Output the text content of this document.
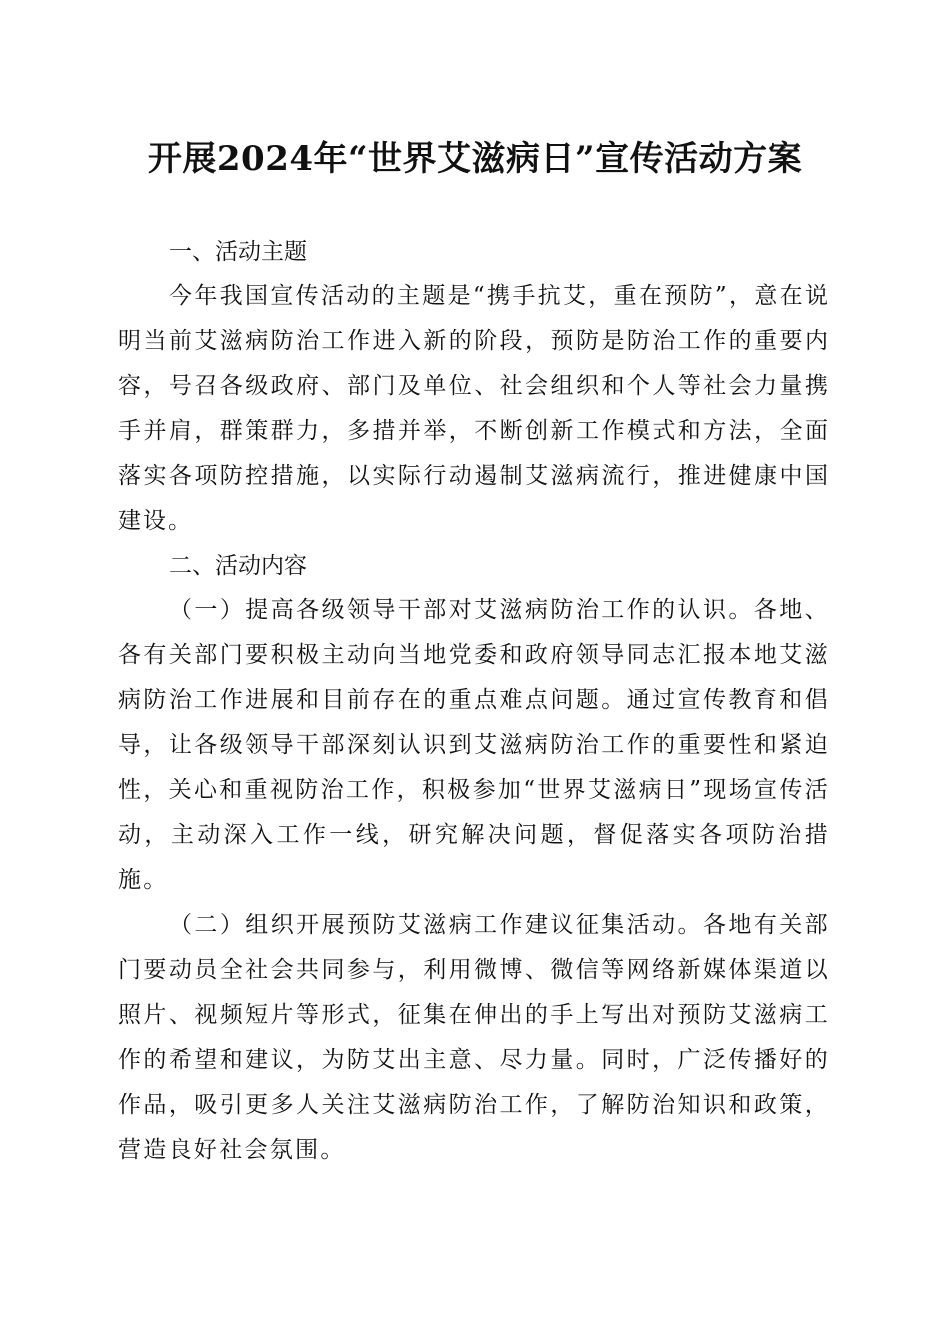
开展2024年“世界艾滋病日”宣传活动方案
一、活动主题

今年我国宣传活动的主题是“携手抗艾，重在预防”，意在说明当前艾滋病防治工作进入新的阶段，预防是防治工作的重要内容，号召各级政府、部门及单位、社会组织和个人等社会力量携手并肩，群策群力，多措并举，不断创新工作模式和方法，全面落实各项防控措施，以实际行动遏制艾滋病流行，推进健康中国建设。

二、活动内容

（一）提高各级领导干部对艾滋病防治工作的认识。各地、各有关部门要积极主动向当地党委和政府领导同志汇报本地艾滋病防治工作进展和目前存在的重点难点问题。通过宣传教育和倡导，让各级领导干部深刻认识到艾滋病防治工作的重要性和紧迫性，关心和重视防治工作，积极参加“世界艾滋病日”现场宣传活动，主动深入工作一线，研究解决问题，督促落实各项防治措施。

（二）组织开展预防艾滋病工作建议征集活动。各地有关部门要动员全社会共同参与，利用微博、微信等网络新媒体渠道以照片、视频短片等形式，征集在伸出的手上写出对预防艾滋病工作的希望和建议，为防艾出主意、尽力量。同时，广泛传播好的作品，吸引更多人关注艾滋病防治工作，了解防治知识和政策，营造良好社会氛围。
